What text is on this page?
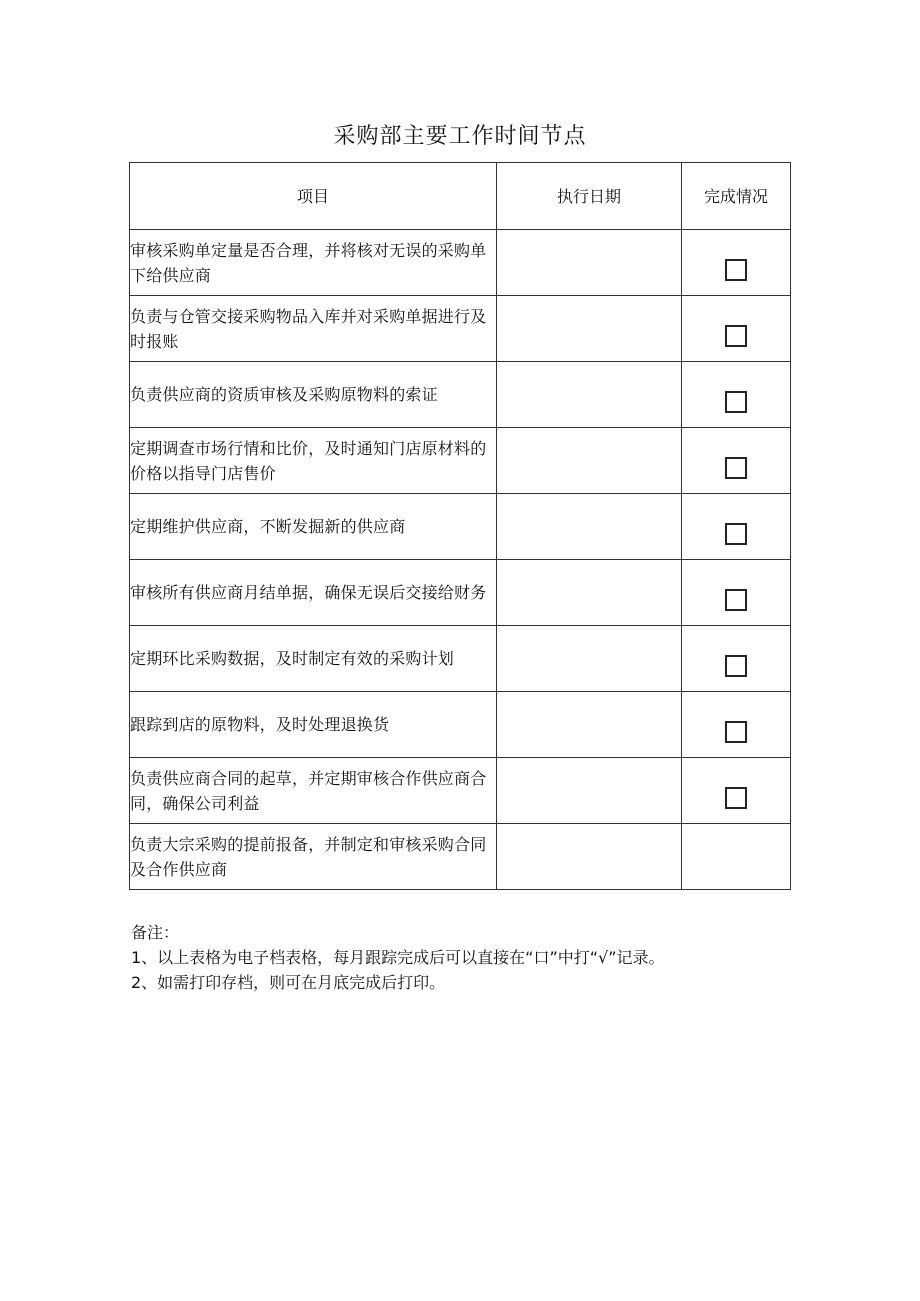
采购部主要工作时间节点
项目	执行日期	完成情况
审核采购单定量是否合理，并将核对无误的采购单下给供应商		
负责与仓管交接采购物品入库并对采购单据进行及时报账		
负责供应商的资质审核及采购原物料的索证		
定期调查市场行情和比价，及时通知门店原材料的价格以指导门店售价		
定期维护供应商，不断发掘新的供应商		
审核所有供应商月结单据，确保无误后交接给财务		
定期环比采购数据，及时制定有效的采购计划		
跟踪到店的原物料，及时处理退换货		
负责供应商合同的起草，并定期审核合作供应商合同，确保公司利益		
负责大宗采购的提前报备，并制定和审核采购合同及合作供应商		
备注：
1、以上表格为电子档表格，每月跟踪完成后可以直接在“口”中打“√”记录。
2、如需打印存档，则可在月底完成后打印。
